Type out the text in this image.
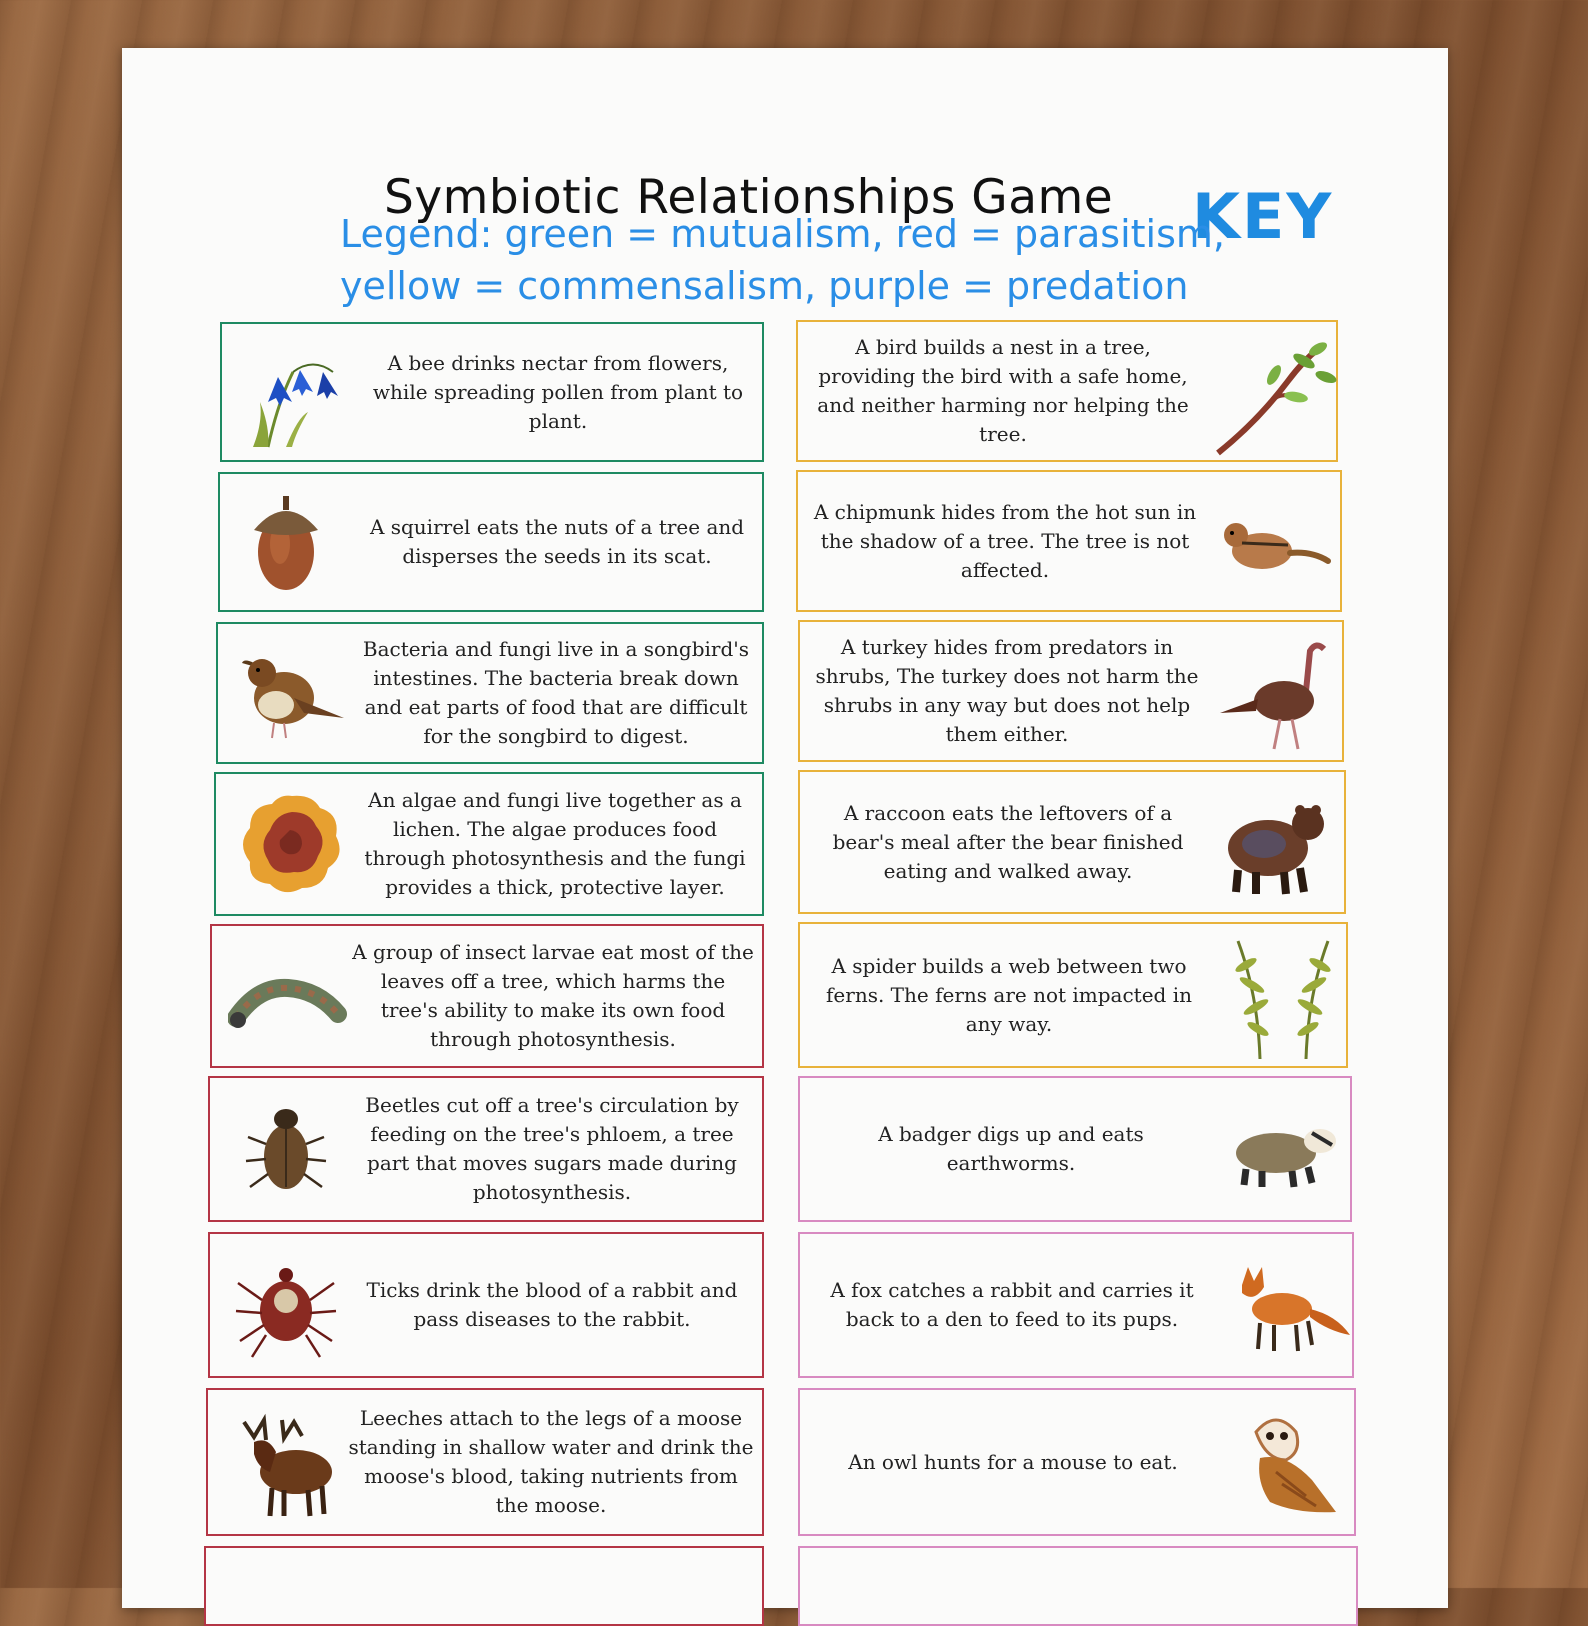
Symbiotic Relationships Game KEY
Legend: green = mutualism, red = parasitism,
yellow = commensalism, purple = predation
A bee drinks nectar from flowers, while spreading pollen from plant to plant.
A squirrel eats the nuts of a tree and disperses the seeds in its scat.
Bacteria and fungi live in a songbird's intestines. The bacteria break down and eat parts of food that are difficult for the songbird to digest.
An algae and fungi live together as a lichen. The algae produces food through photosynthesis and the fungi provides a thick, protective layer.
A group of insect larvae eat most of the leaves off a tree, which harms the tree's ability to make its own food through photosynthesis.
Beetles cut off a tree's circulation by feeding on the tree's phloem, a tree part that moves sugars made during photosynthesis.
Ticks drink the blood of a rabbit and pass diseases to the rabbit.
Leeches attach to the legs of a moose standing in shallow water and drink the moose's blood, taking nutrients from the moose.
A bird builds a nest in a tree, providing the bird with a safe home, and neither harming nor helping the tree.
A chipmunk hides from the hot sun in the shadow of a tree. The tree is not affected.
A turkey hides from predators in shrubs, The turkey does not harm the shrubs in any way but does not help them either.
A raccoon eats the leftovers of a bear's meal after the bear finished eating and walked away.
A spider builds a web between two ferns. The ferns are not impacted in any way.
A badger digs up and eats earthworms.
A fox catches a rabbit and carries it back to a den to feed to its pups.
An owl hunts for a mouse to eat.
